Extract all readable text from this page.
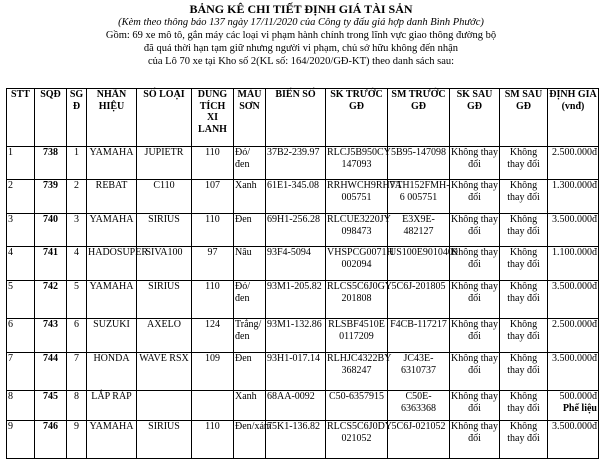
BẢNG KÊ CHI TIẾT ĐỊNH GIÁ TÀI SẢN
(Kèm theo thông báo 137 ngày 17/11/2020 của Công ty đấu giá hợp danh Bình Phước)
Gồm: 69 xe mô tô, gắn máy các loại vi phạm hành chính trong lĩnh vực giao thông đường bộ
đã quá thời hạn tạm giữ nhưng người vi phạm, chủ sở hữu không đến nhận
của Lô 70 xe tại Kho số 2(KL số: 164/2020/GĐ-KT) theo danh sách sau:
STT	SQĐ	SG Đ	NHÃN HIỆU	SỐ LOẠI	DUNG TÍCH XI LANH	MÀU SƠN	BIỂN SỐ	SK TRƯỚC GĐ	SM TRƯỚC GĐ	SK SAU GĐ	SM SAU GĐ	ĐỊNH GIÁ (vnđ)
1	738	1	YAMAHA	JUPIETR	110	Đỏ/đen	37B2-239.97	RLCJ5B950CY 147093	5B95-147098	Không thay đổi	Không thay đổi	2.500.000đ
2	739	2	REBAT	C110	107	Xanh	61E1-345.08	RRHWCH9RH7A 005751	VTH152FMH-6 005751	Không thay đổi	Không thay đổi	1.300.000đ
3	740	3	YAMAHA	SIRIUS	110	Đen	69H1-256.28	RLCUE3220JY 098473	E3X9E-482127	Không thay đổi	Không thay đổi	3.500.000đ
4	741	4	HADOSUPER	SIVA100	97	Nâu	93F4-5094	VHSPCG0071H 002094	US100E9010409	Không thay đổi	Không thay đổi	1.100.000đ
5	742	5	YAMAHA	SIRIUS	110	Đỏ/đen	93M1-205.82	RLCS5C6J0GY 201808	5C6J-201805	Không thay đổi	Không thay đổi	3.500.000đ
6	743	6	SUZUKI	AXELO	124	Trắng/đen	93M1-132.86	RLSBF4510E 0117209	F4CB-117217	Không thay đổi	Không thay đổi	2.500.000đ
7	744	7	HONDA	WAVE RSX	109	Đen	93H1-017.14	RLHJC4322BY 368247	JC43E-6310737	Không thay đổi	Không thay đổi	3.500.000đ
8	745	8	LẮP RÁP			Xanh	68AA-0092	C50-6357915	C50E-6363368	Không thay đổi	Không thay đổi	500.000đ
Phế liệu
9	746	9	YAMAHA	SIRIUS	110	Đen/xám	75K1-136.82	RLCS5C6J0DY 021052	5C6J-021052	Không thay đổi	Không thay đổi	3.500.000đ
